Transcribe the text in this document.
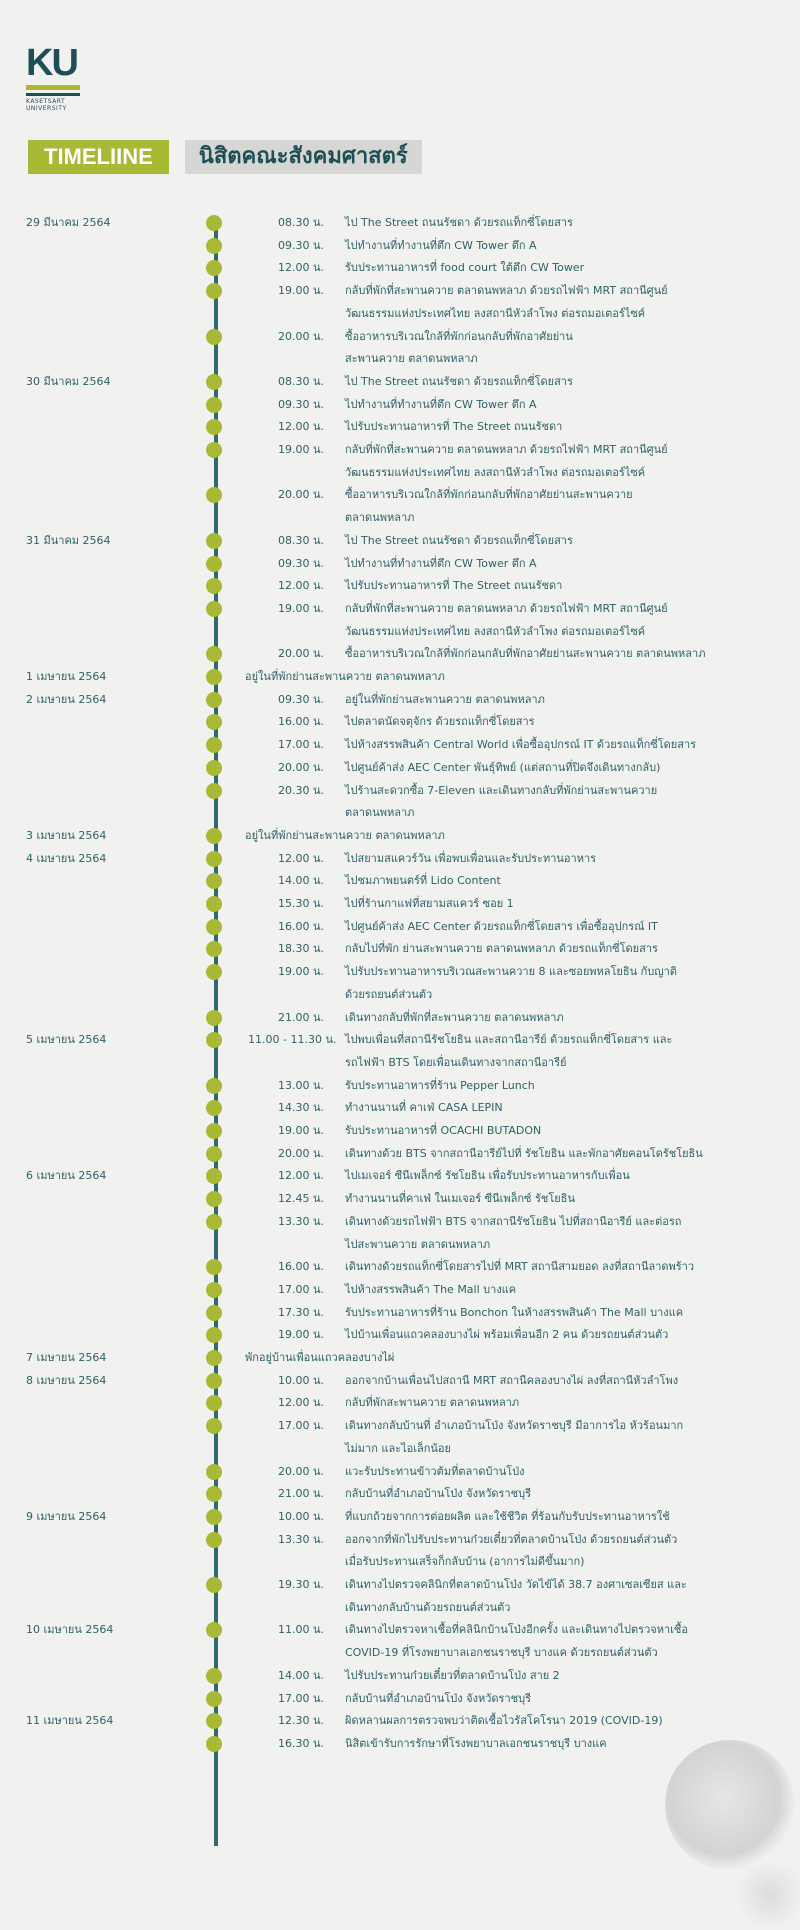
KU
KASETSART UNIVERSITY
TIMELIINE	นิสิตคณะสังคมศาสตร์
29 มีนาคม 2564	08.30 น. ไป The Street ถนนรัชดา ด้วยรถแท็กซี่โดยสาร
09.30 น. ไปทำงานที่ทำงานที่ตึก CW Tower ตึก A
12.00 น. รับประทานอาหารที่ food court ใต้ตึก CW Tower
19.00 น. กลับที่พักที่สะพานควาย ตลาดนพหลาภ ด้วยรถไฟฟ้า MRT สถานีศูนย์
วัฒนธรรมแห่งประเทศไทย ลงสถานีหัวลำโพง ต่อรถมอเตอร์ไซค์
20.00 น. ซื้ออาหารบริเวณใกล้ที่พักก่อนกลับที่พักอาศัยย่าน
สะพานควาย ตลาดนพหลาภ
30 มีนาคม 2564	08.30 น. ไป The Street ถนนรัชดา ด้วยรถแท็กซี่โดยสาร
09.30 น. ไปทำงานที่ทำงานที่ตึก CW Tower ตึก A
12.00 น. ไปรับประทานอาหารที่ The Street ถนนรัชดา
19.00 น. กลับที่พักที่สะพานควาย ตลาดนพหลาภ ด้วยรถไฟฟ้า MRT สถานีศูนย์
วัฒนธรรมแห่งประเทศไทย ลงสถานีหัวลำโพง ต่อรถมอเตอร์ไซค์
20.00 น. ซื้ออาหารบริเวณใกล้ที่พักก่อนกลับที่พักอาศัยย่านสะพานควาย
ตลาดนพหลาภ
31 มีนาคม 2564	08.30 น. ไป The Street ถนนรัชดา ด้วยรถแท็กซี่โดยสาร
09.30 น. ไปทำงานที่ทำงานที่ตึก CW Tower ตึก A
12.00 น. ไปรับประทานอาหารที่ The Street ถนนรัชดา
19.00 น. กลับที่พักที่สะพานควาย ตลาดนพหลาภ ด้วยรถไฟฟ้า MRT สถานีศูนย์
วัฒนธรรมแห่งประเทศไทย ลงสถานีหัวลำโพง ต่อรถมอเตอร์ไซค์
20.00 น. ซื้ออาหารบริเวณใกล้ที่พักก่อนกลับที่พักอาศัยย่านสะพานควาย ตลาดนพหลาภ
1 เมษายน 2564	อยู่ในที่พักย่านสะพานควาย ตลาดนพหลาภ
2 เมษายน 2564	09.30 น. อยู่ในที่พักย่านสะพานควาย ตลาดนพหลาภ
16.00 น. ไปตลาดนัดจตุจักร ด้วยรถแท็กซี่โดยสาร
17.00 น. ไปห้างสรรพสินค้า Central World เพื่อซื้ออุปกรณ์ IT ด้วยรถแท็กซี่โดยสาร
20.00 น. ไปศูนย์ค้าส่ง AEC Center พันธุ์ทิพย์ (แต่สถานที่ปิดจึงเดินทางกลับ)
20.30 น. ไปร้านสะดวกซื้อ 7-Eleven และเดินทางกลับที่พักย่านสะพานควาย
ตลาดนพหลาภ
3 เมษายน 2564	อยู่ในที่พักย่านสะพานควาย ตลาดนพหลาภ
4 เมษายน 2564	12.00 น. ไปสยามสแควร์วัน เพื่อพบเพื่อนและรับประทานอาหาร
14.00 น. ไปชมภาพยนตร์ที่ Lido Content
15.30 น. ไปที่ร้านกาแฟที่สยามสแควร์ ซอย 1
16.00 น. ไปศูนย์ค้าส่ง AEC Center ด้วยรถแท็กซี่โดยสาร เพื่อซื้ออุปกรณ์ IT
18.30 น. กลับไปที่พัก ย่านสะพานควาย ตลาดนพหลาภ ด้วยรถแท็กซี่โดยสาร
19.00 น. ไปรับประทานอาหารบริเวณสะพานควาย 8 และซอยพหลโยธิน กับญาติ
ด้วยรถยนต์ส่วนตัว
21.00 น. เดินทางกลับที่พักที่สะพานควาย ตลาดนพหลาภ
5 เมษายน 2564	11.00 - 11.30 น. ไปพบเพื่อนที่สถานีรัชโยธิน และสถานีอารีย์ ด้วยรถแท็กซี่โดยสาร และ
รถไฟฟ้า BTS โดยเพื่อนเดินทางจากสถานีอารีย์
13.00 น. รับประทานอาหารที่ร้าน Pepper Lunch
14.30 น. ทำงานนานที่ คาเฟ่ CASA LEPIN
19.00 น. รับประทานอาหารที่ OCACHI BUTADON
20.00 น. เดินทางด้วย BTS จากสถานีอารีย์ไปที่ รัชโยธิน และพักอาศัยคอนโดรัชโยธิน
6 เมษายน 2564	12.00 น. ไปเมเจอร์ ซีนีเพล็กซ์ รัชโยธิน เพื่อรับประทานอาหารกับเพื่อน
12.45 น. ทำงานนานที่คาเฟ่ ในเมเจอร์ ซีนีเพล็กซ์ รัชโยธิน
13.30 น. เดินทางด้วยรถไฟฟ้า BTS จากสถานีรัชโยธิน ไปที่สถานีอารีย์ และต่อรถ
ไปสะพานควาย ตลาดนพหลาภ
16.00 น. เดินทางด้วยรถแท็กซี่โดยสารไปที่ MRT สถานีสามยอด ลงที่สถานีลาดพร้าว
17.00 น. ไปห้างสรรพสินค้า The Mall บางแค
17.30 น. รับประทานอาหารที่ร้าน Bonchon ในห้างสรรพสินค้า The Mall บางแค
19.00 น. ไปบ้านเพื่อนแถวคลองบางไผ่ พร้อมเพื่อนอีก 2 คน ด้วยรถยนต์ส่วนตัว
7 เมษายน 2564	พักอยู่บ้านเพื่อนแถวคลองบางไผ่
8 เมษายน 2564	10.00 น. ออกจากบ้านเพื่อนไปสถานี MRT สถานีคลองบางไผ่ ลงที่สถานีหัวลำโพง
12.00 น. กลับที่พักสะพานควาย ตลาดนพหลาภ
17.00 น. เดินทางกลับบ้านที่ อำเภอบ้านโป่ง จังหวัดราชบุรี มีอาการไอ หัวร้อนมาก
ไม่มาก และไอเล็กน้อย
20.00 น. แวะรับประทานข้าวต้มที่ตลาดบ้านโป่ง
21.00 น. กลับบ้านที่อำเภอบ้านโป่ง จังหวัดราชบุรี
9 เมษายน 2564	10.00 น. ที่แบกถ้วยจากการต่อยผลิต และใช้ชีวิต ที่ร้อนกับรับประทานอาหารใช้
13.30 น. ออกจากที่พักไปรับประทานก๋วยเตี๋ยวที่ตลาดบ้านโป่ง ด้วยรถยนต์ส่วนตัว
เมื่อรับประทานเสร็จก็กลับบ้าน (อาการไม่ดีขึ้นมาก)
19.30 น. เดินทางไปตรวจคลินิกที่ตลาดบ้านโป่ง วัดไข้ได้ 38.7 องศาเซลเซียส และ
เดินทางกลับบ้านด้วยรถยนต์ส่วนตัว
10 เมษายน 2564	11.00 น. เดินทางไปตรวจหาเชื้อที่คลินิกบ้านโป่งอีกครั้ง และเดินทางไปตรวจหาเชื้อ
COVID-19 ที่โรงพยาบาลเอกชนราชบุรี บางแค ด้วยรถยนต์ส่วนตัว
14.00 น. ไปรับประทานก๋วยเตี๋ยวที่ตลาดบ้านโป่ง สาย 2
17.00 น. กลับบ้านที่อำเภอบ้านโป่ง จังหวัดราชบุรี
11 เมษายน 2564	12.30 น. ผิดหลานผลการตรวจพบว่าติดเชื้อไวรัสโคโรนา 2019 (COVID-19)
16.30 น. นิสิตเข้ารับการรักษาที่โรงพยาบาลเอกชนราชบุรี บางแค
